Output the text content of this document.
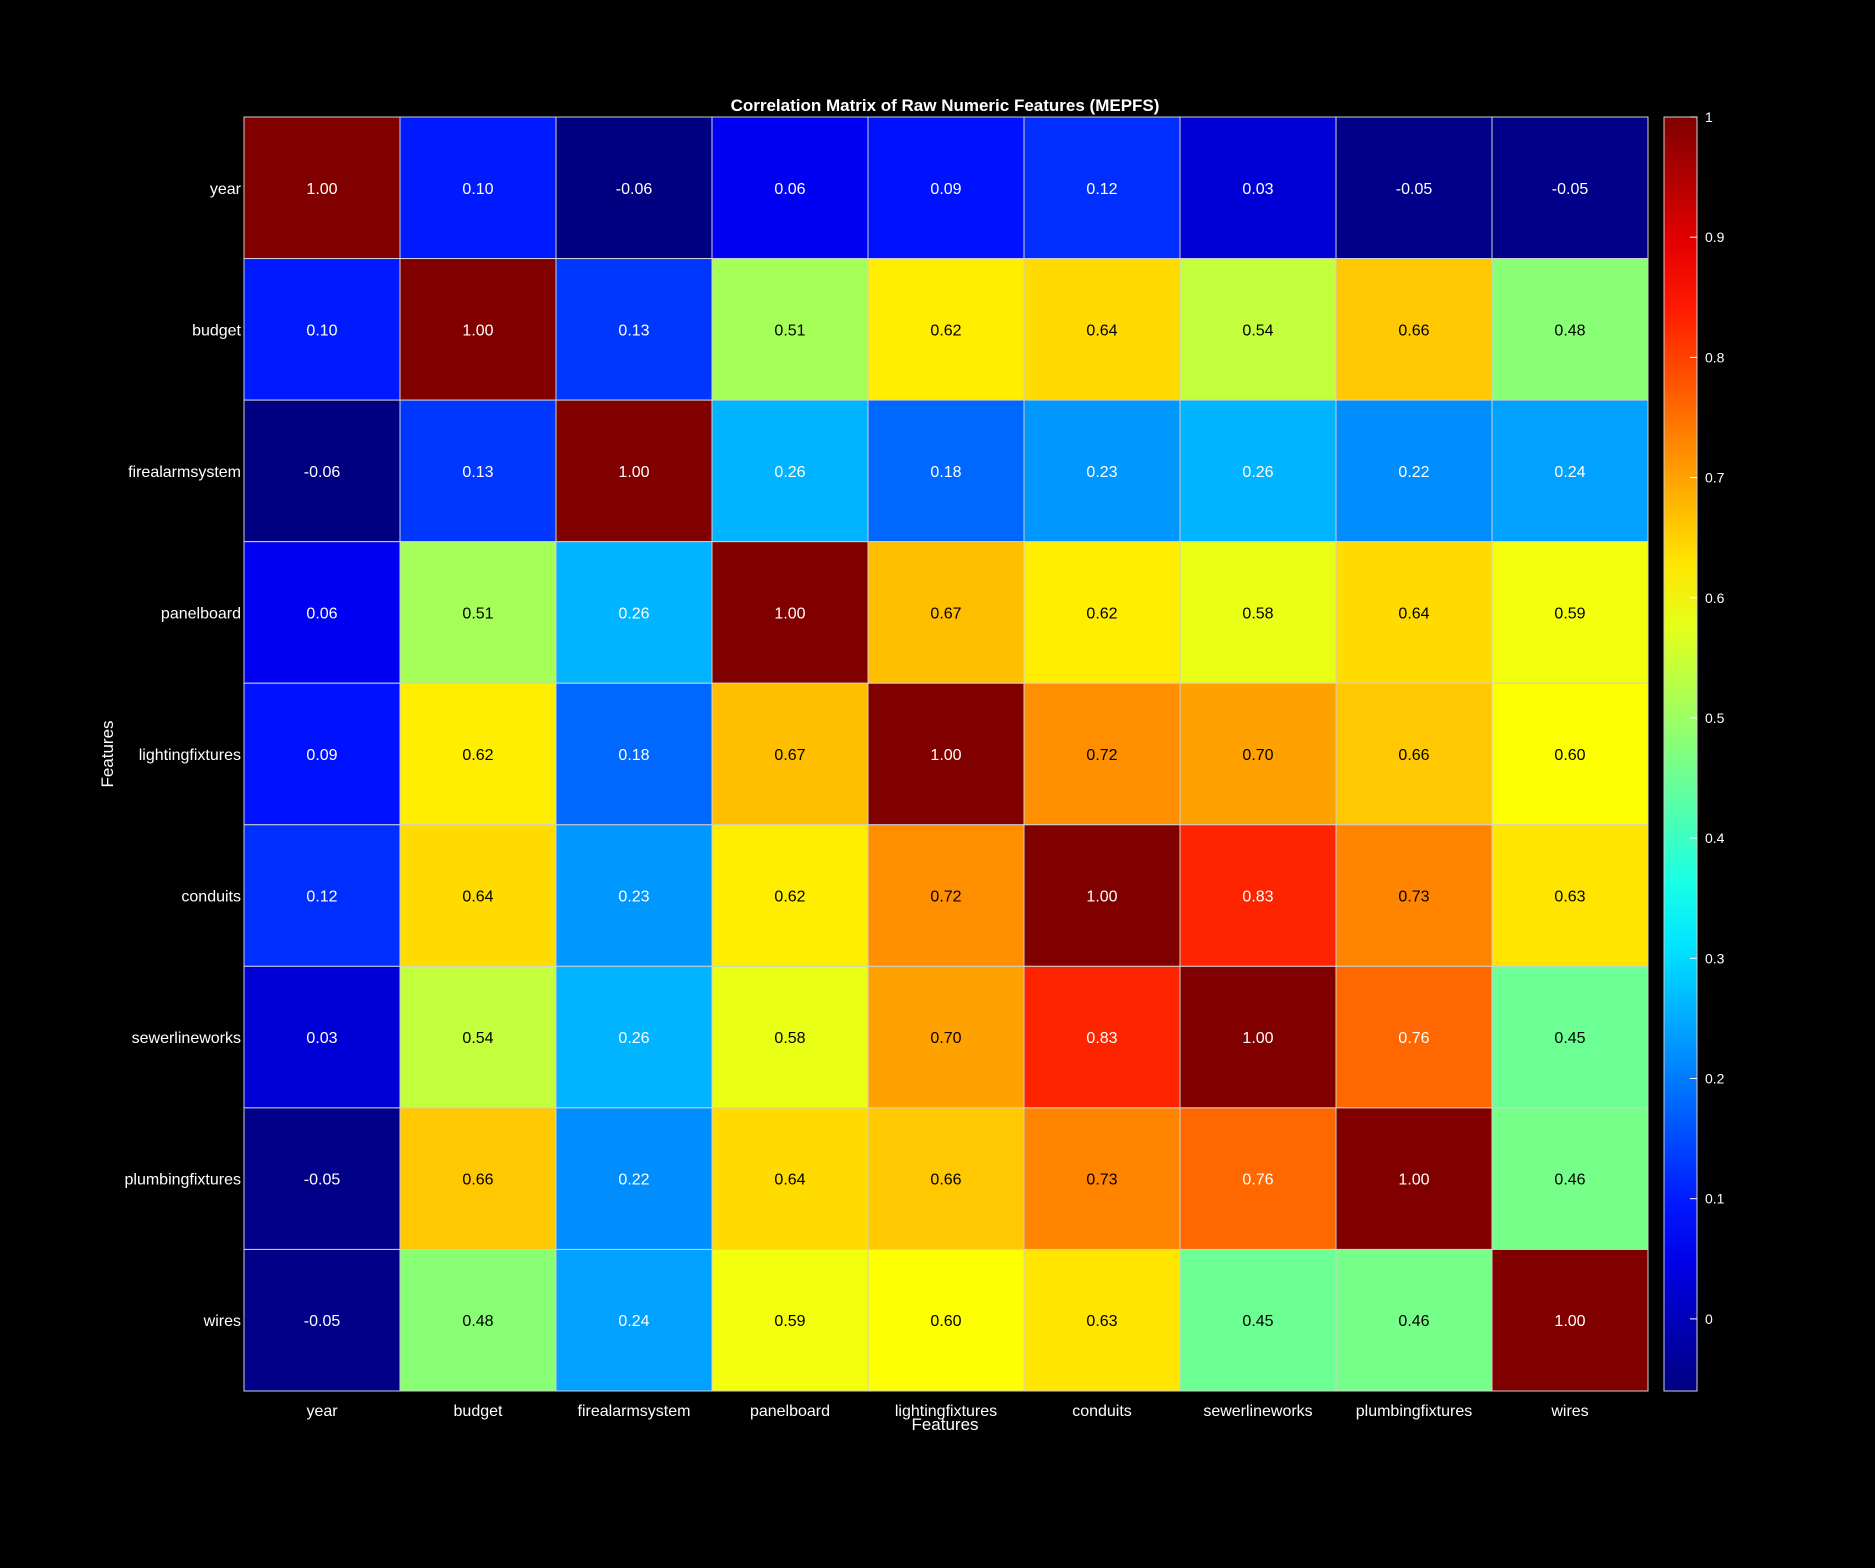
Correlation Matrix of Raw Numeric Features (MEPFS)
1.00	0.10	-0.06	0.06	0.09	0.12	0.03	-0.05	-0.05
0.10	1.00	0.13	0.51	0.62	0.64	0.54	0.66	0.48
-0.06	0.13	1.00	0.26	0.18	0.23	0.26	0.22	0.24
0.06	0.51	0.26	1.00	0.67	0.62	0.58	0.64	0.59
0.09	0.62	0.18	0.67	1.00	0.72	0.70	0.66	0.60
0.12	0.64	0.23	0.62	0.72	1.00	0.83	0.73	0.63
0.03	0.54	0.26	0.58	0.70	0.83	1.00	0.76	0.45
-0.05	0.66	0.22	0.64	0.66	0.73	0.76	1.00	0.46
-0.05	0.48	0.24	0.59	0.60	0.63	0.45	0.46	1.00
year	budget	firealarmsystem	panelboard	lightingfixtures	conduits	sewerlineworks	plumbingfixtures	wires
year
budget
firealarmsystem
panelboard
lightingfixtures
conduits
sewerlineworks
plumbingfixtures
wires
Features
Features
0
0.1
0.2
0.3
0.4
0.5
0.6
0.7
0.8
0.9
1
